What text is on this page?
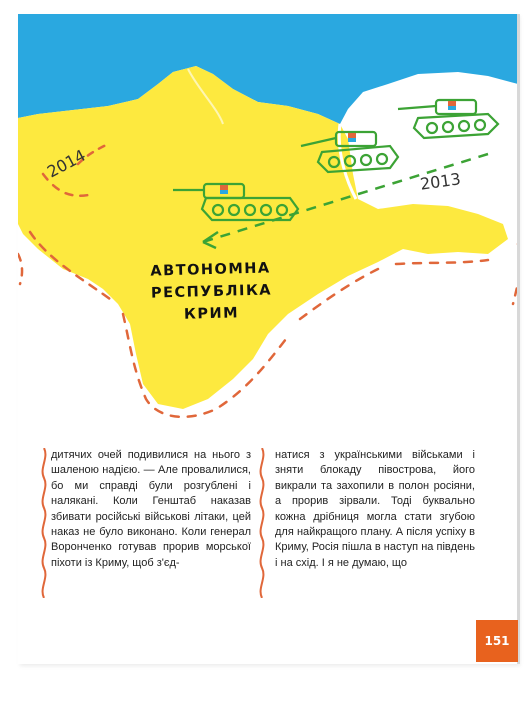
2014
2013
АВТОНОМНА
РЕСПУБЛІКА
КРИМ

дитячих очей подивилися на нього з шаленою надією. — Але провалилися, бо ми справді були розгублені і налякані. Коли Генштаб наказав збивати російські військові літаки, цей наказ не було виконано. Коли генерал Воронченко готував прорив морської піхоти із Криму, щоб з'єд-

натися з українськими військами і зняти блокаду півострова, його викрали та захопили в полон росіяни, а прорив зірвали. Тоді буквально кожна дрібниця могла стати згубою для найкращого плану. А після успіху в Криму, Росія пішла в наступ на південь і на схід. І я не думаю, що

151
